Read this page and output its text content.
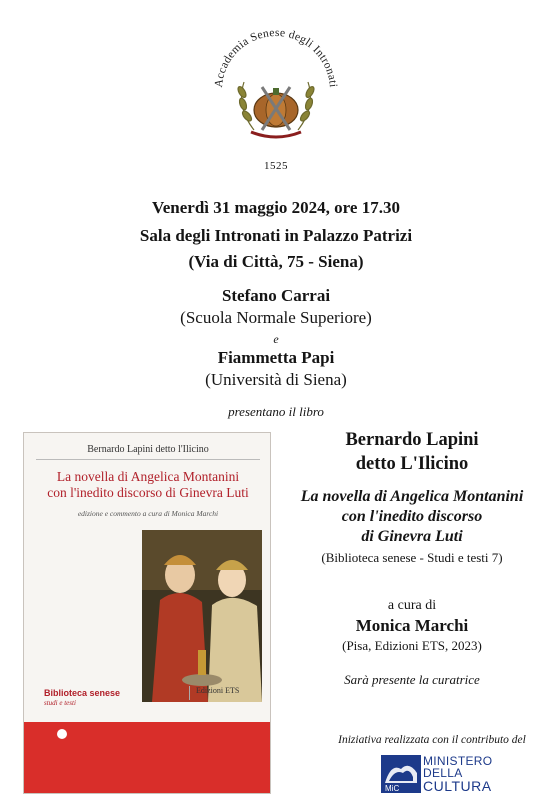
Accademia Senese degli Intronati
1525
Venerdì 31 maggio 2024, ore 17.30
Sala degli Intronati in Palazzo Patrizi
(Via di Città, 75 - Siena)
Stefano Carrai
(Scuola Normale Superiore)
e
Fiammetta Papi
(Università di Siena)
presentano il libro
Bernardo Lapini detto l'Ilicino
La novella di Angelica Montanini
con l'inedito discorso di Ginevra Luti
edizione e commento a cura di Monica Marchi
Biblioteca senese
studi e testi
Edizioni ETS
Bernardo Lapini
detto L'Ilicino
La novella di Angelica Montanini
con l'inedito discorso
di Ginevra Luti
(Biblioteca senese - Studi e testi 7)
a cura di
Monica Marchi
(Pisa, Edizioni ETS, 2023)
Sarà presente la curatrice
Iniziativa realizzata con il contributo del
MiC
MINISTERO
DELLA
CULTURA
